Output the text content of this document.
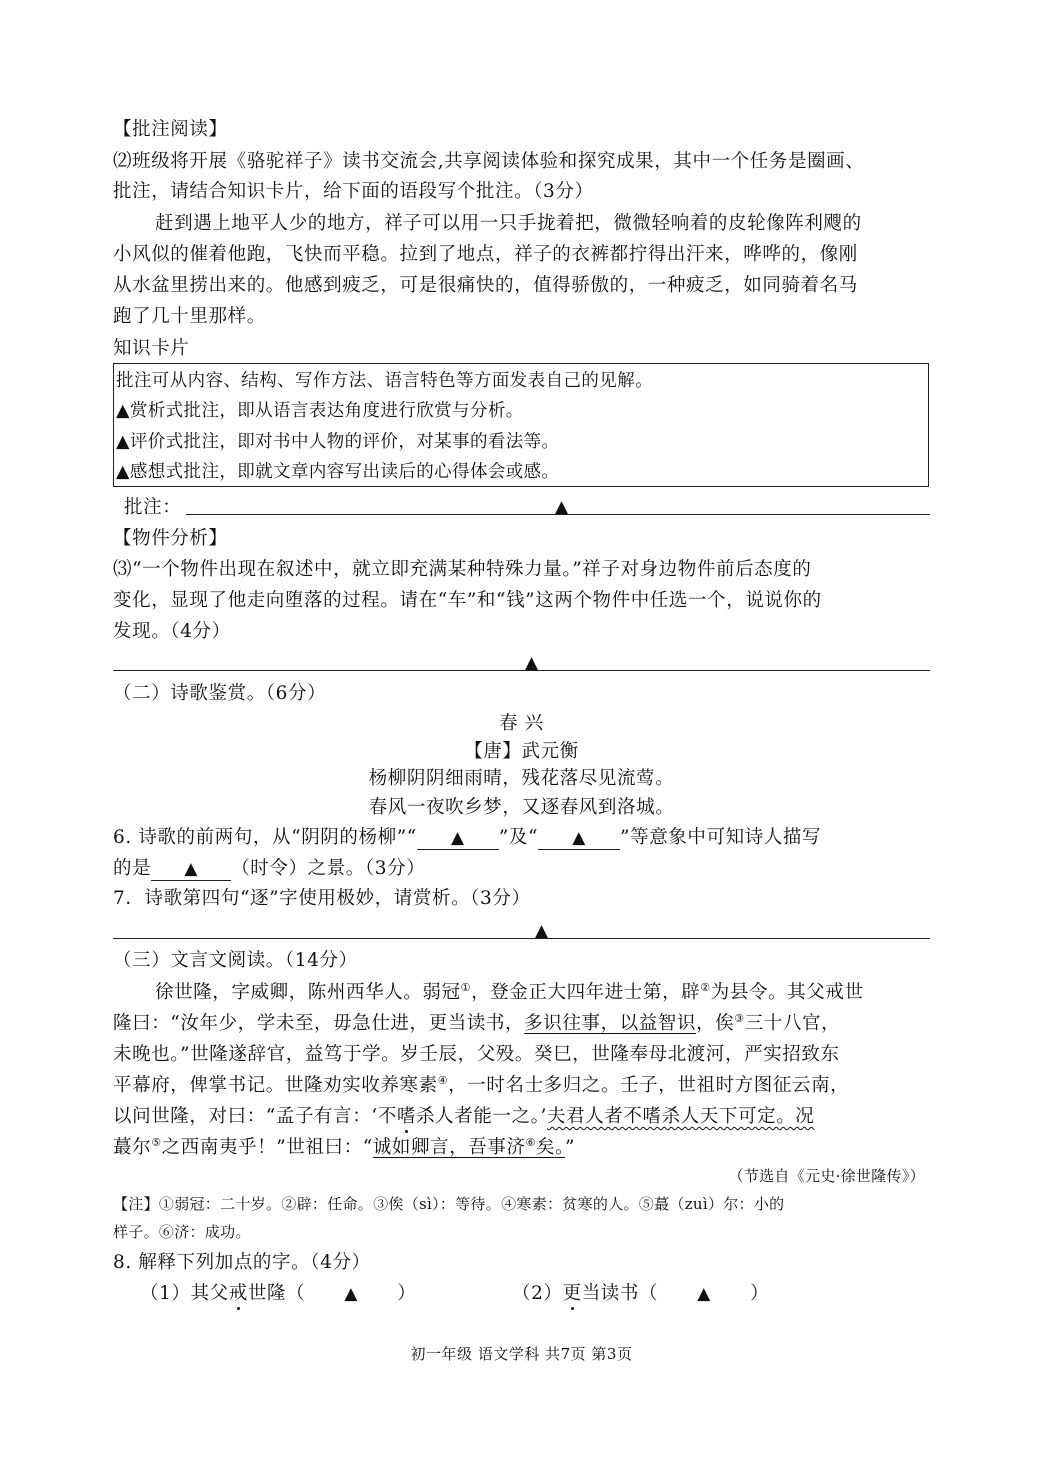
【批注阅读】
⑵班级将开展《骆驼祥子》读书交流会,共享阅读体验和探究成果，其中一个任务是圈画、
批注，请结合知识卡片，给下面的语段写个批注。（3分）
赶到遇上地平人少的地方，祥子可以用一只手拢着把，微微轻响着的皮轮像阵利飕的
小风似的催着他跑，飞快而平稳。拉到了地点，祥子的衣裤都拧得出汗来，哗哗的，像刚
从水盆里捞出来的。他感到疲乏，可是很痛快的，值得骄傲的，一种疲乏，如同骑着名马
跑了几十里那样。
知识卡片
批注可从内容、结构、写作方法、语言特色等方面发表自己的见解。
▲赏析式批注，即从语言表达角度进行欣赏与分析。
▲评价式批注，即对书中人物的评价，对某事的看法等。
▲感想式批注，即就文章内容写出读后的心得体会或感。
批注：	▲
【物件分析】
⑶“一个物件出现在叙述中，就立即充满某种特殊力量。”祥子对身边物件前后态度的
变化，显现了他走向堕落的过程。请在“车”和“钱”这两个物件中任选一个，说说你的
发现。（4分）
▲
（二）诗歌鉴赏。（6分）
春 兴
【唐】武元衡
杨柳阴阴细雨晴，残花落尽见流莺。
春风一夜吹乡梦，又逐春风到洛城。
6. 诗歌的前两句，从“阴阴的杨柳”“ ▲ ”及“ ▲ ”等意象中可知诗人描写
的是 ▲ （时令）之景。（3分）
7．诗歌第四句“逐”字使用极妙，请赏析。（3分）
▲
（三）文言文阅读。（14分）
徐世隆，字威卿，陈州西华人。弱冠①，登金正大四年进士第，辟②为县令。其父戒世
隆曰：“汝年少，学未至，毋急仕进，更当读书，多识往事，以益智识，俟③三十八官，
未晚也。”世隆遂辞官，益笃于学。岁壬辰，父殁。癸巳，世隆奉母北渡河，严实招致东
平幕府，俾掌书记。世隆劝实收养寒素④，一时名士多归之。壬子，世祖时方图征云南，
以问世隆，对曰：“孟子有言：‘不嗜杀人者能一之。’夫君人者不嗜杀人天下可定。况
蕞尔⑤之西南夷乎！”世祖曰：“诚如卿言，吾事济⑥矣。”
（节选自《元史·徐世隆传》）
【注】①弱冠：二十岁。②辟：任命。③俟（sì）：等待。④寒素：贫寒的人。⑤蕞（zuì）尔：小的
样子。⑥济：成功。
8. 解释下列加点的字。（4分）
（1）其父戒世隆（ ▲ ）	（2）更当读书（ ▲ ）
初一年级 语文学科 共7页 第3页
